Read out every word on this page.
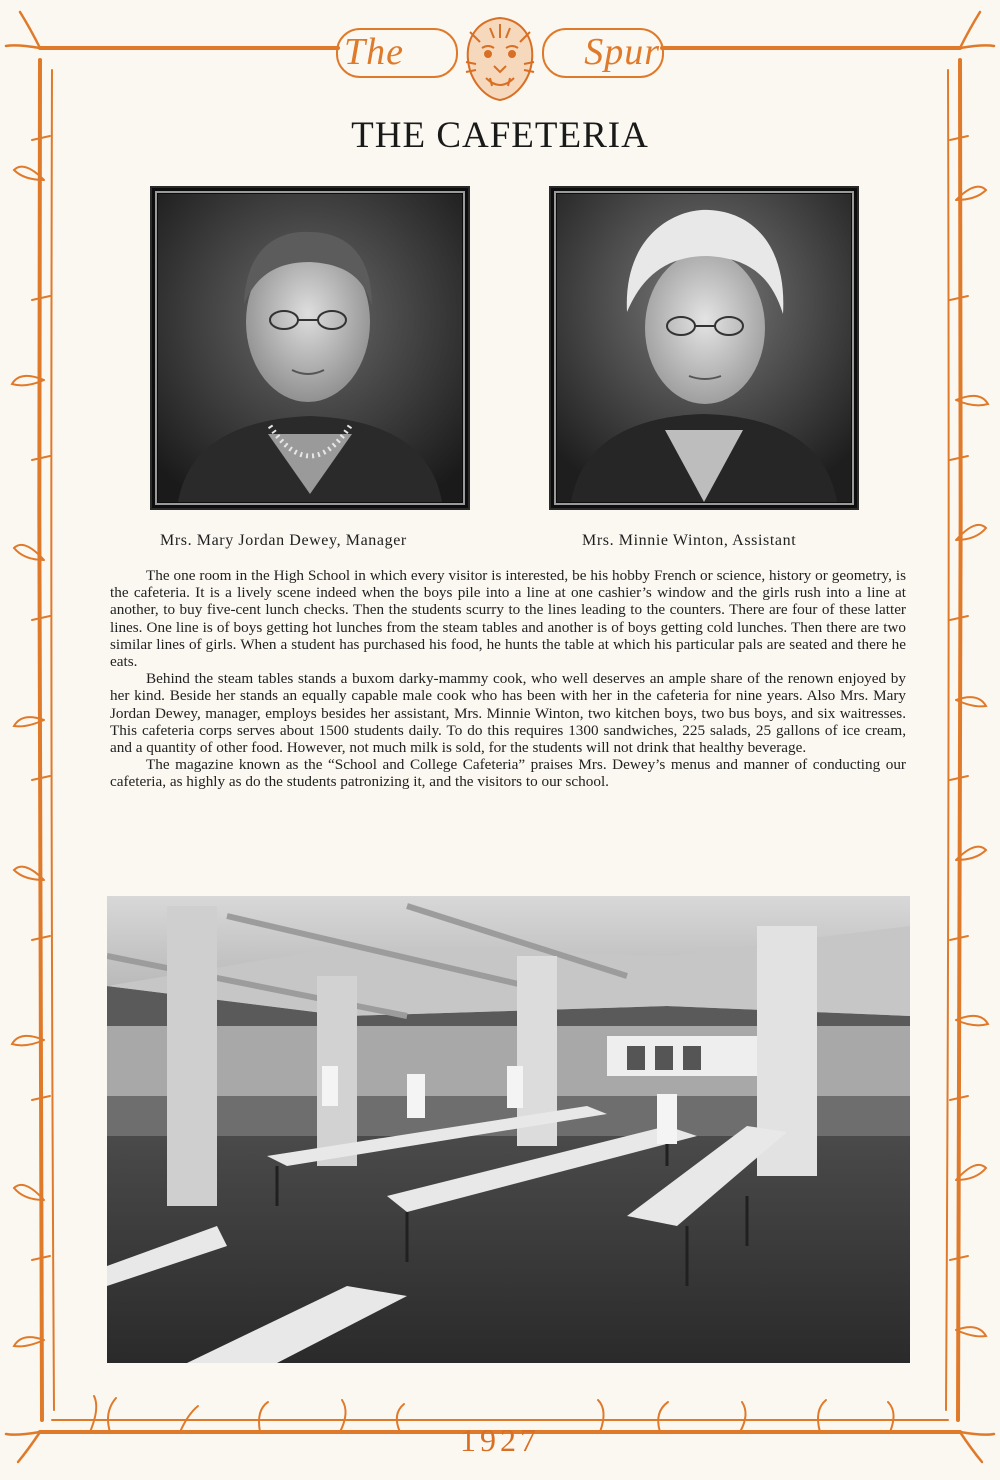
The	Spur
THE CAFETERIA
Mrs. Mary Jordan Dewey, Manager	Mrs. Minnie Winton, Assistant

The one room in the High School in which every visitor is interested, be his hobby French or science, history or geometry, is the cafeteria. It is a lively scene indeed when the boys pile into a line at one cashier’s window and the girls rush into a line at another, to buy five-cent lunch checks. Then the students scurry to the lines leading to the counters. There are four of these latter lines. One line is of boys getting hot lunches from the steam tables and another is of boys getting cold lunches. Then there are two similar lines of girls. When a student has purchased his food, he hunts the table at which his particular pals are seated and there he eats.

Behind the steam tables stands a buxom darky-mammy cook, who well deserves an ample share of the renown enjoyed by her kind. Beside her stands an equally capable male cook who has been with her in the cafeteria for nine years. Also Mrs. Mary Jordan Dewey, manager, employs besides her assistant, Mrs. Minnie Winton, two kitchen boys, two bus boys, and six waitresses. This cafeteria corps serves about 1500 students daily. To do this requires 1300 sandwiches, 225 salads, 25 gallons of ice cream, and a quantity of other food. However, not much milk is sold, for the students will not drink that healthy beverage.

The magazine known as the “School and College Cafeteria” praises Mrs. Dewey’s menus and manner of conducting our cafeteria, as highly as do the students patronizing it, and the visitors to our school.

1927
